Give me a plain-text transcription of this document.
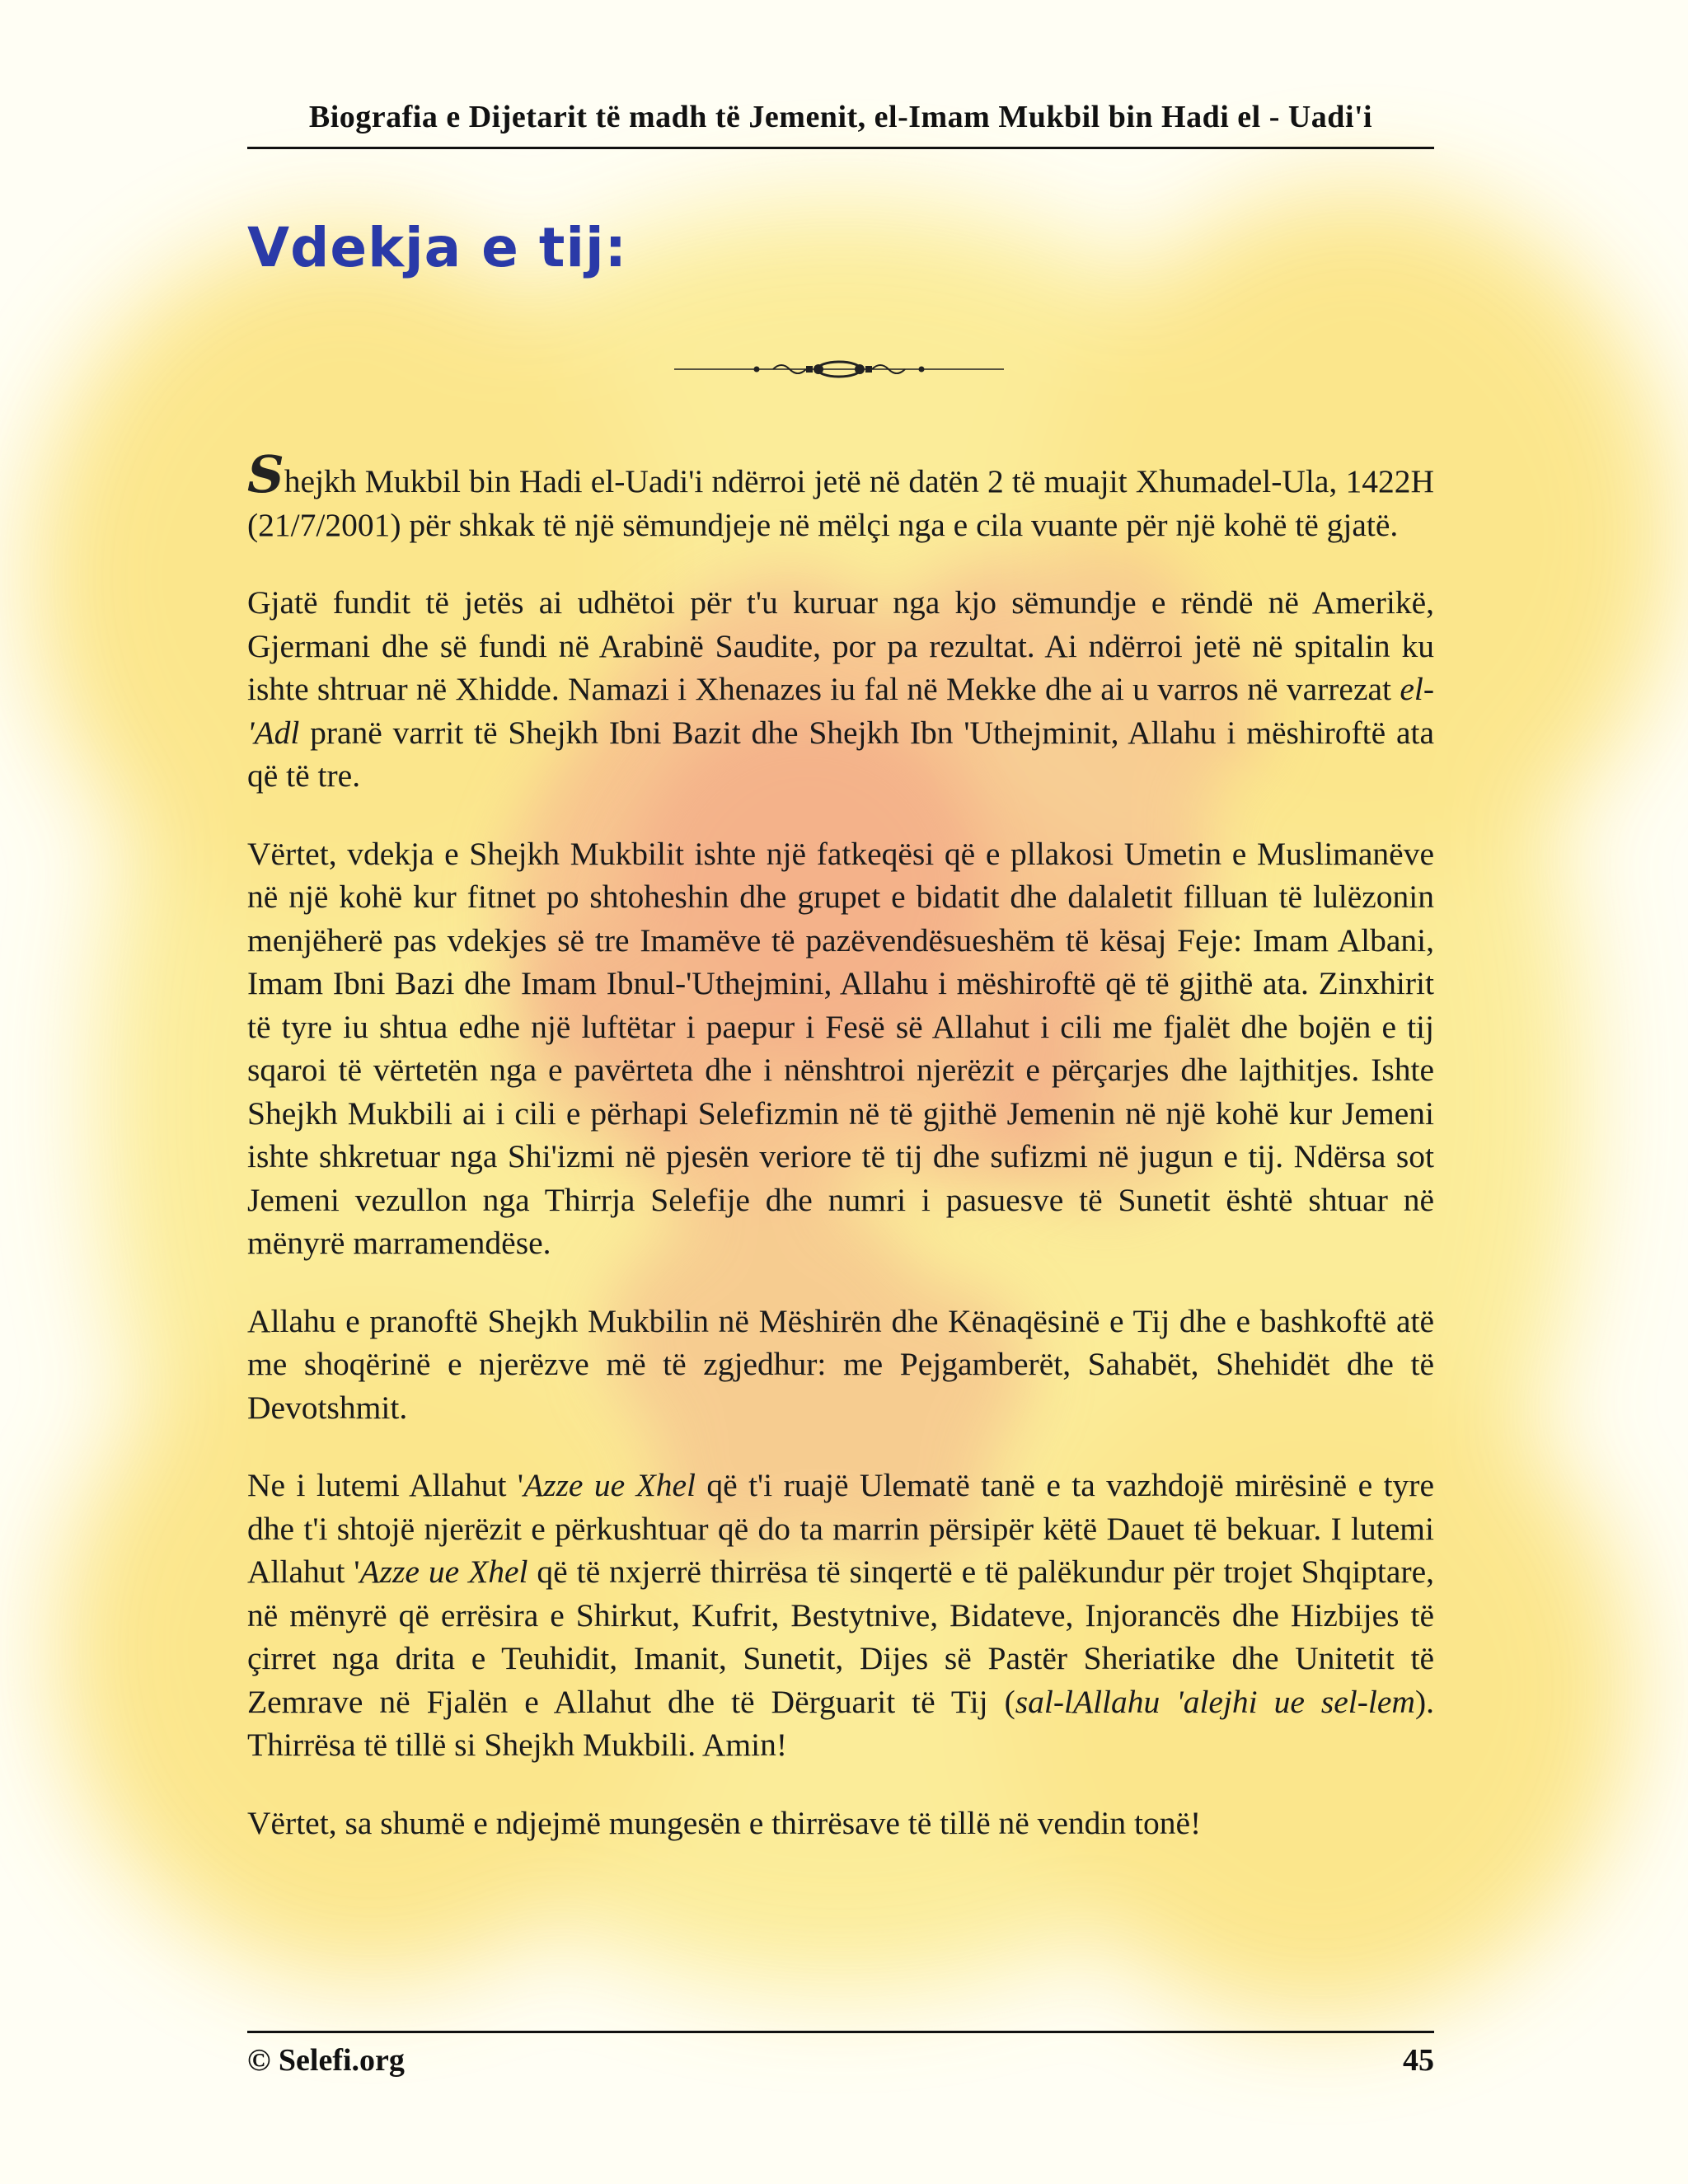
Biografia e Dijetarit të madh të Jemenit, el-Imam Mukbil bin Hadi el - Uadi'i
Vdekja e tij:

Shejkh Mukbil bin Hadi el-Uadi'i ndërroi jetë në datën 2 të muajit Xhumadel-Ula, 1422H (21/7/2001) për shkak të një sëmundjeje në mëlçi nga e cila vuante për një kohë të gjatë.

Gjatë fundit të jetës ai udhëtoi për t'u kuruar nga kjo sëmundje e rëndë në Amerikë, Gjermani dhe së fundi në Arabinë Saudite, por pa rezultat. Ai ndërroi jetë në spitalin ku ishte shtruar në Xhidde. Namazi i Xhenazes iu fal në Mekke dhe ai u varros në varrezat el-'Adl pranë varrit të Shejkh Ibni Bazit dhe Shejkh Ibn 'Uthejminit, Allahu i mëshiroftë ata që të tre.

Vërtet, vdekja e Shejkh Mukbilit ishte një fatkeqësi që e pllakosi Umetin e Muslimanëve në një kohë kur fitnet po shtoheshin dhe grupet e bidatit dhe dalaletit filluan të lulëzonin menjëherë pas vdekjes së tre Imamëve të pazëvendësueshëm të kësaj Feje: Imam Albani, Imam Ibni Bazi dhe Imam Ibnul-'Uthejmini, Allahu i mëshiroftë që të gjithë ata. Zinxhirit të tyre iu shtua edhe një luftëtar i paepur i Fesë së Allahut i cili me fjalët dhe bojën e tij sqaroi të vërtetën nga e pavërteta dhe i nënshtroi njerëzit e përçarjes dhe lajthitjes. Ishte Shejkh Mukbili ai i cili e përhapi Selefizmin në të gjithë Jemenin në një kohë kur Jemeni ishte shkretuar nga Shi'izmi në pjesën veriore të tij dhe sufizmi në jugun e tij. Ndërsa sot Jemeni vezullon nga Thirrja Selefije dhe numri i pasuesve të Sunetit është shtuar në mënyrë marramendëse.

Allahu e pranoftë Shejkh Mukbilin në Mëshirën dhe Kënaqësinë e Tij dhe e bashkoftë atë me shoqërinë e njerëzve më të zgjedhur: me Pejgamberët, Sahabët, Shehidët dhe të Devotshmit.

Ne i lutemi Allahut 'Azze ue Xhel që t'i ruajë Ulematë tanë e ta vazhdojë mirësinë e tyre dhe t'i shtojë njerëzit e përkushtuar që do ta marrin përsipër këtë Dauet të bekuar. I lutemi Allahut 'Azze ue Xhel që të nxjerrë thirrësa të sinqertë e të palëkundur për trojet Shqiptare, në mënyrë që errësira e Shirkut, Kufrit, Bestytnive, Bidateve, Injorancës dhe Hizbijes të çirret nga drita e Teuhidit, Imanit, Sunetit, Dijes së Pastër Sheriatike dhe Unitetit të Zemrave në Fjalën e Allahut dhe të Dërguarit të Tij (sal-lAllahu 'alejhi ue sel-lem). Thirrësa të tillë si Shejkh Mukbili. Amin!

Vërtet, sa shumë e ndjejmë mungesën e thirrësave të tillë në vendin tonë!

© Selefi.org	45
